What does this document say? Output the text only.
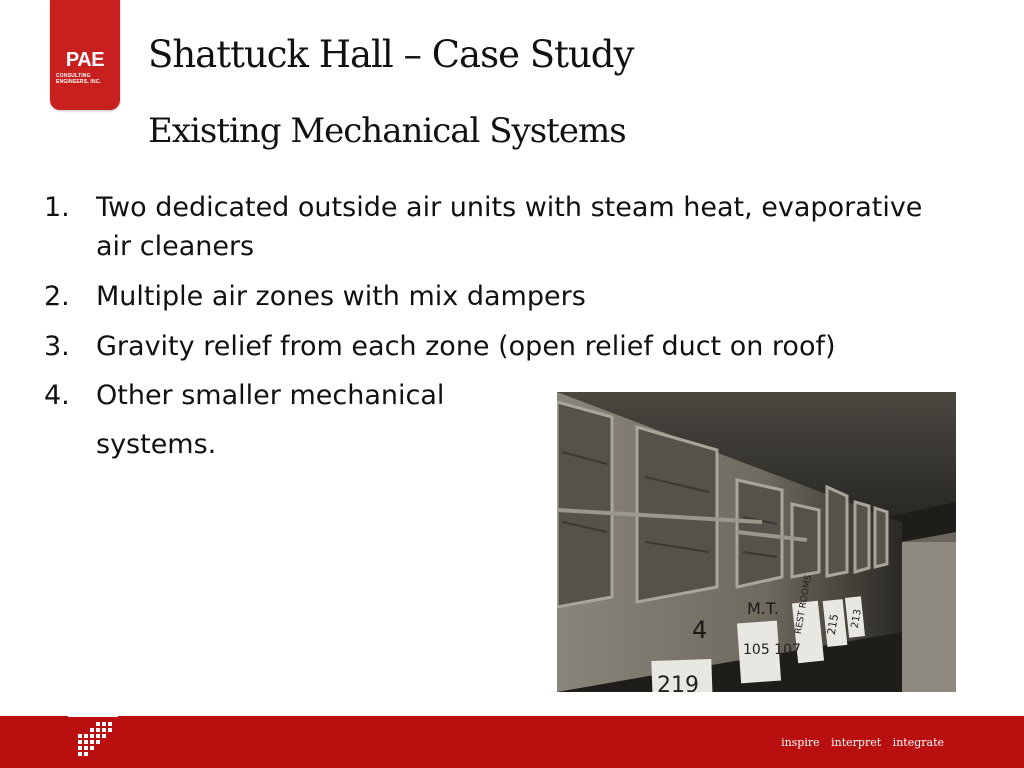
PAE
CONSULTING
ENGINEERS, INC.
Shattuck Hall – Case Study
Existing Mechanical Systems
1. Two dedicated outside air units with steam heat, evaporative air cleaners
2. Multiple air zones with mix dampers
3. Gravity relief from each zone (open relief duct on roof)
4. Other smaller mechanical systems.
REST ROOMS 215 213
105 107
219
M.T.
4
inspire interpret integrate
